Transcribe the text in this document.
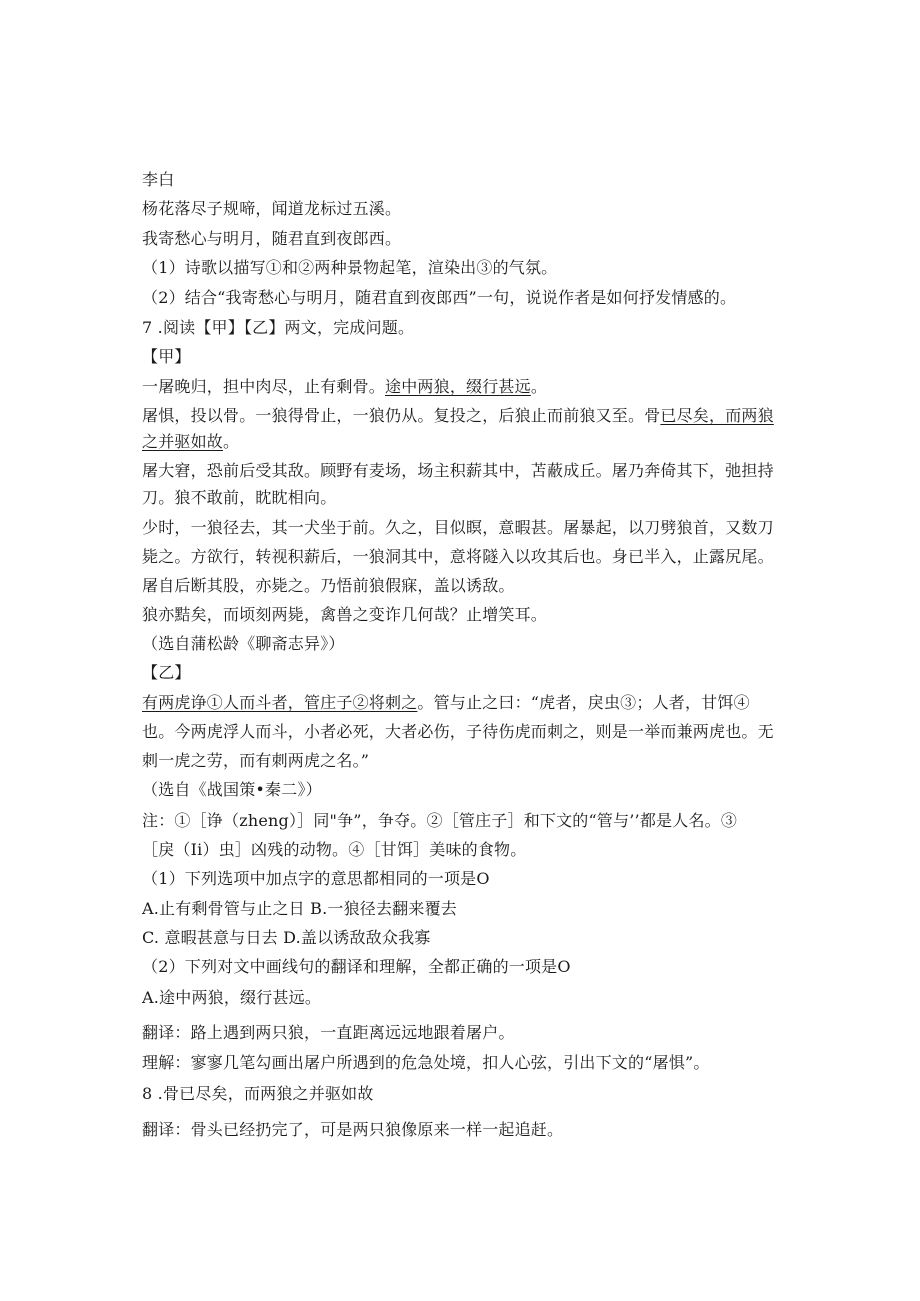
李白
杨花落尽子规啼，闻道龙标过五溪。
我寄愁心与明月，随君直到夜郎西。
（1）诗歌以描写①和②两种景物起笔，渲染出③的气氛。
（2）结合“我寄愁心与明月，随君直到夜郎西”一句，说说作者是如何抒发情感的。
7 .阅读【甲】【乙】两文，完成问题。
【甲】
一屠晚归，担中肉尽，止有剩骨。途中两狼，缀行甚远。
屠惧，投以骨。一狼得骨止，一狼仍从。复投之，后狼止而前狼又至。骨已尽矣，而两狼
之并驱如故。
屠大窘，恐前后受其敌。顾野有麦场，场主积薪其中，苫蔽成丘。屠乃奔倚其下，弛担持
刀。狼不敢前，眈眈相向。
少时，一狼径去，其一犬坐于前。久之，目似瞑，意暇甚。屠暴起，以刀劈狼首，又数刀
毙之。方欲行，转视积薪后，一狼洞其中，意将隧入以攻其后也。身已半入，止露尻尾。
屠自后断其股，亦毙之。乃悟前狼假寐，盖以诱敌。
狼亦黠矣，而顷刻两毙，禽兽之变诈几何哉？止增笑耳。
（选自蒲松龄《聊斋志异》）
【乙】
有两虎诤①人而斗者，管庄子②将刺之。管与止之曰：“虎者，戾虫③；人者，甘饵④
也。今两虎浮人而斗，小者必死，大者必伤，子待伤虎而刺之，则是一举而兼两虎也。无
刺一虎之劳，而有刺两虎之名。”
（选自《战国策•秦二》）
注：①［诤（zheng）］同"争”，争夺。②［管庄子］和下文的“管与’’都是人名。③
［戾（Ii）虫］凶残的动物。④［甘饵］美味的食物。
（1）下列选项中加点字的意思都相同的一项是O
A.止有剩骨管与止之日 B.一狼径去翻来覆去
C. 意暇甚意与日去 D.盖以诱敌敌众我寡
（2）下列对文中画线句的翻译和理解，全都正确的一项是O
A.途中两狼，缀行甚远。
翻译：路上遇到两只狼，一直距离远远地跟着屠户。
理解：寥寥几笔勾画出屠户所遇到的危急处境，扣人心弦，引出下文的“屠惧”。
8 .骨已尽矣，而两狼之并驱如故
翻译：骨头已经扔完了，可是两只狼像原来一样一起追赶。
